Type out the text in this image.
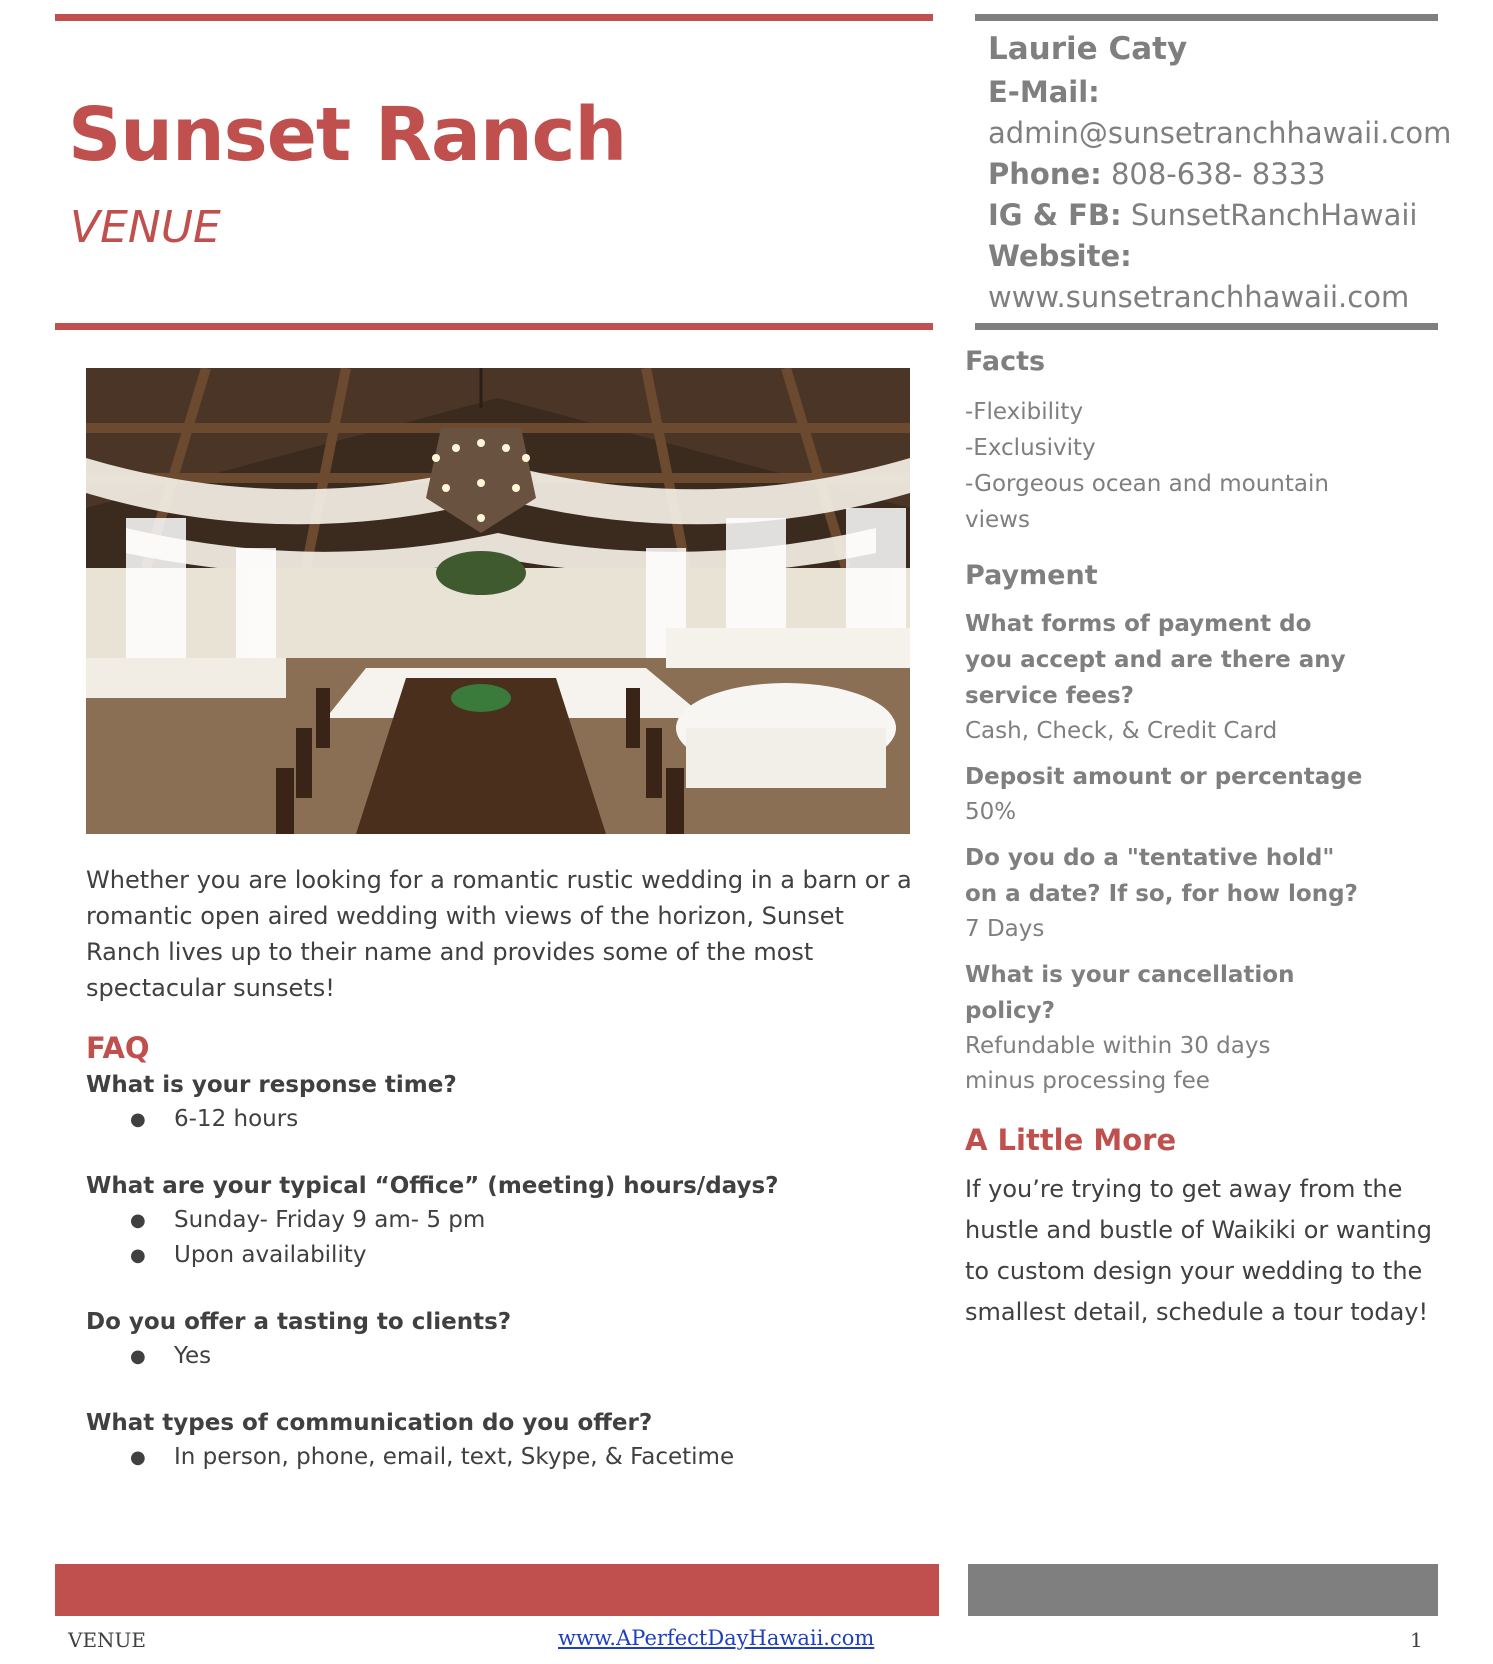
Sunset Ranch
VENUE
Laurie Caty
E-Mail:
admin@sunsetranchhawaii.com
Phone: 808-638- 8333
IG & FB: SunsetRanchHawaii
Website:
www.sunsetranchhawaii.com
Whether you are looking for a romantic rustic wedding in a barn or a romantic open aired wedding with views of the horizon, Sunset Ranch lives up to their name and provides some of the most spectacular sunsets!
FAQ
What is your response time?
● 6-12 hours
What are your typical “Office” (meeting) hours/days?
● Sunday- Friday 9 am- 5 pm
● Upon availability
Do you offer a tasting to clients?
● Yes
What types of communication do you offer?
● In person, phone, email, text, Skype, & Facetime
Facts
-Flexibility
-Exclusivity
-Gorgeous ocean and mountain views
Payment
What forms of payment do you accept and are there any service fees?
Cash, Check, & Credit Card
Deposit amount or percentage
50%
Do you do a "tentative hold" on a date? If so, for how long?
7 Days
What is your cancellation policy?
Refundable within 30 days minus processing fee
A Little More
If you’re trying to get away from the hustle and bustle of Waikiki or wanting to custom design your wedding to the smallest detail, schedule a tour today!
VENUE	www.APerfectDayHawaii.com	1
